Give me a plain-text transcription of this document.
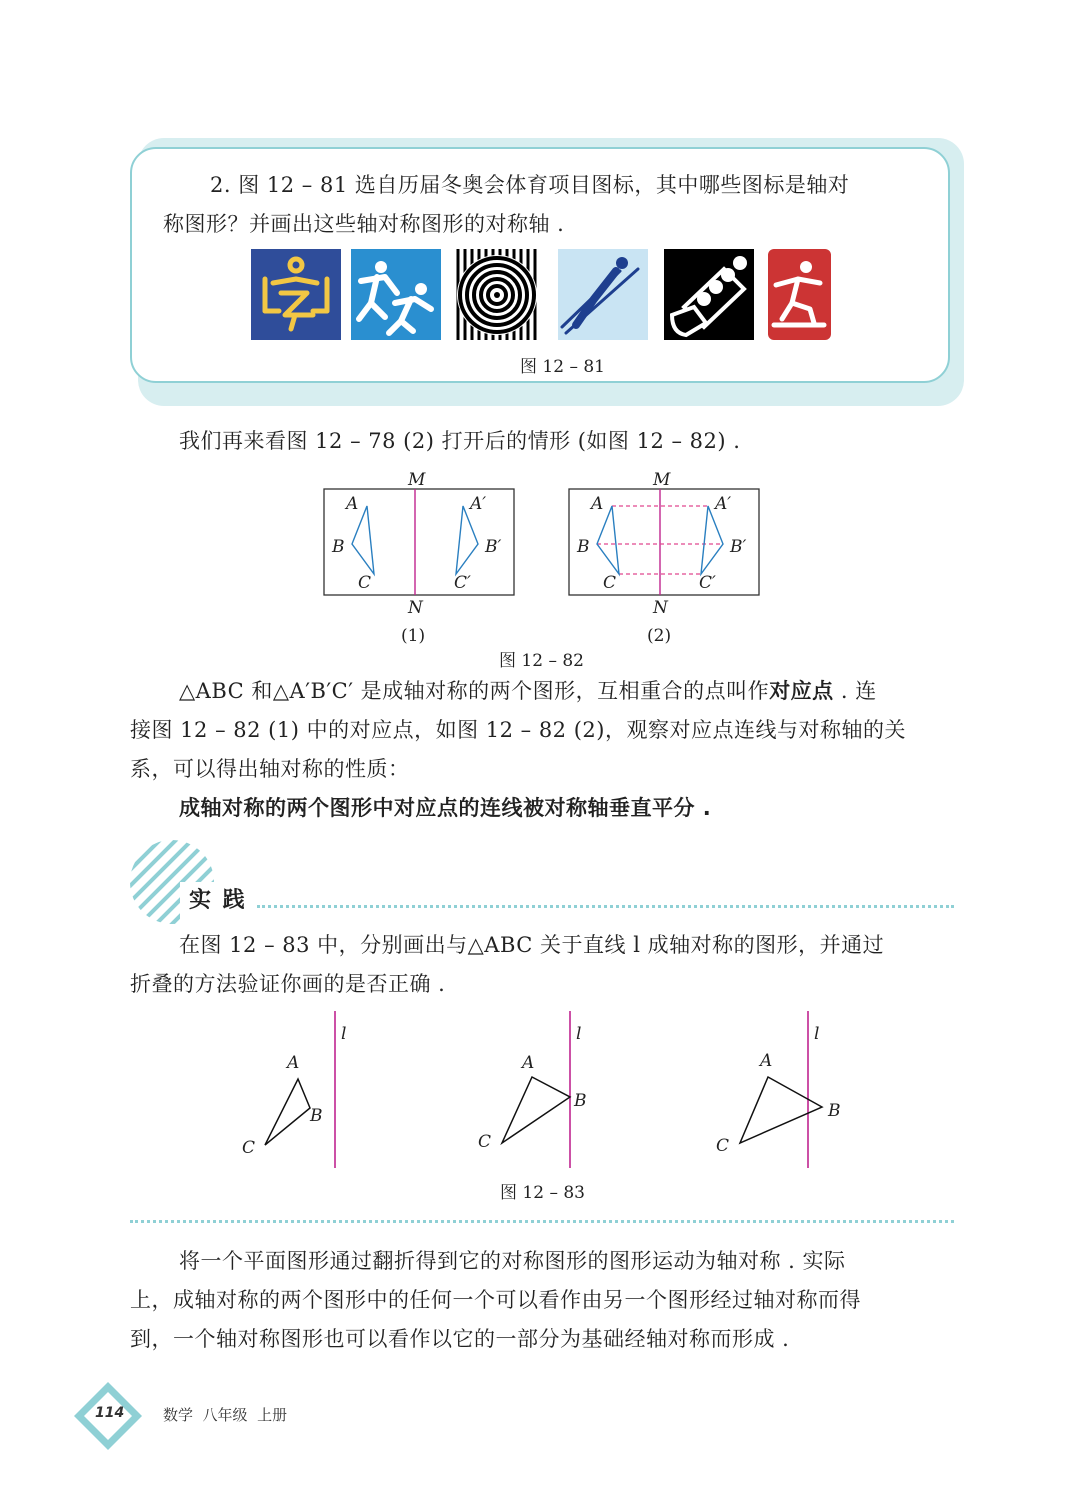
2. 图 12 – 81 选自历届冬奥会体育项目图标，其中哪些图标是轴对
称图形？并画出这些轴对称图形的对称轴 .
图 12 – 81
我们再来看图 12 – 78 (2) 打开后的情形 (如图 12 – 82) .
M
N
A
B
C
A′
B′
C′
M
N
A
B
C
A′
B′
C′
(1)	(2)
图 12 – 82
△ABC 和△A′B′C′ 是成轴对称的两个图形，互相重合的点叫作对应点 . 连
接图 12 – 82 (1) 中的对应点，如图 12 – 82 (2)，观察对应点连线与对称轴的关
系，可以得出轴对称的性质：
成轴对称的两个图形中对应点的连线被对称轴垂直平分 .
实 践
在图 12 – 83 中，分别画出与△ABC 关于直线 l 成轴对称的图形，并通过
折叠的方法验证你画的是否正确 .
l
A
B
C
l
A
B
C
l
A
B
C
图 12 – 83
将一个平面图形通过翻折得到它的对称图形的图形运动为轴对称 . 实际
上，成轴对称的两个图形中的任何一个可以看作由另一个图形经过轴对称而得
到，一个轴对称图形也可以看作以它的一部分为基础经轴对称而形成 .
114	数学  八年级  上册
